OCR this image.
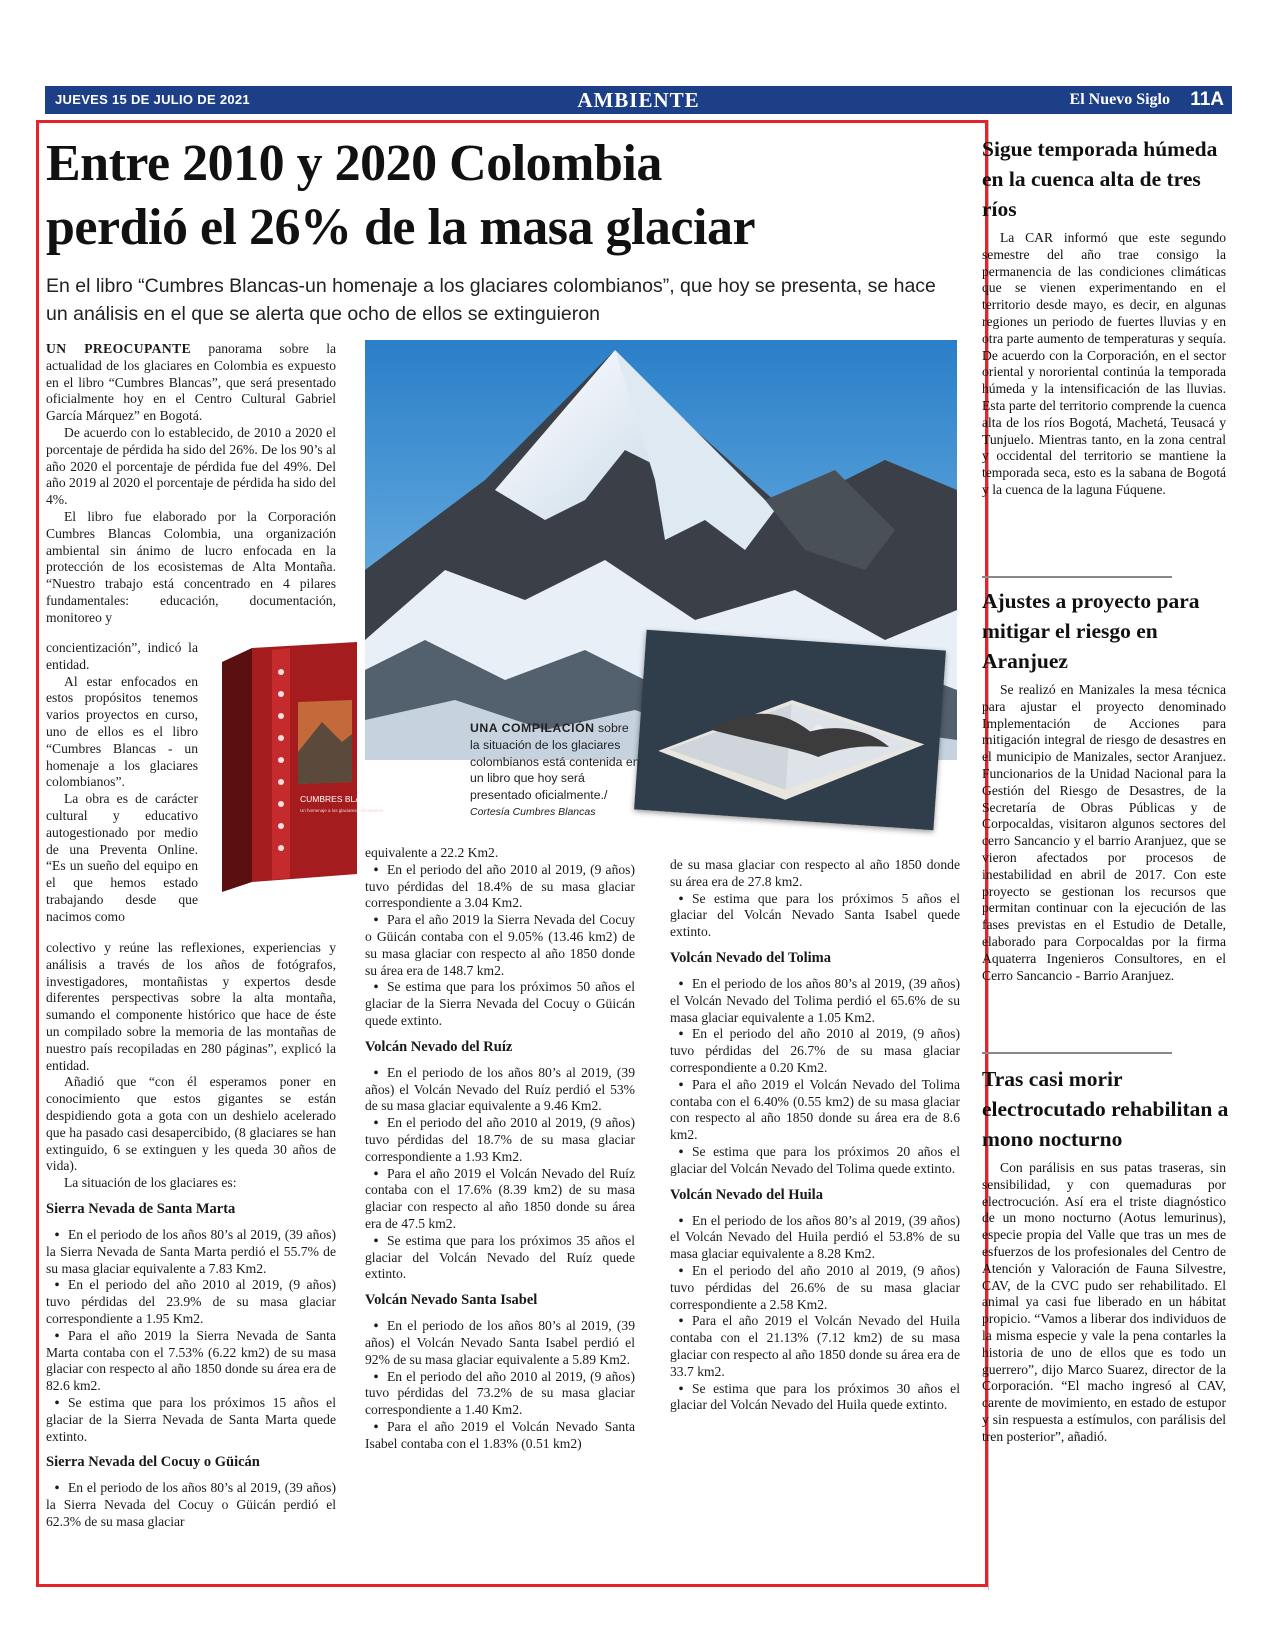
JUEVES 15 DE JULIO DE 2021	AMBIENTE	El Nuevo Siglo 11A
Entre 2010 y 2020 Colombia
perdió el 26% de la masa glaciar

En el libro “Cumbres Blancas-un homenaje a los glaciares colombianos”, que hoy se presenta, se hace un análisis en el que se alerta que ocho de ellos se extinguieron

CUMBRES BLANCAS
Un homenaje a los glaciares colombianos

UNA COMPILACIÓN sobre la situación de los glaciares colombianos está contenida en un libro que hoy será presentado oficialmente./
Cortesía Cumbres Blancas

UN PREOCUPANTE panorama sobre la actualidad de los glaciares en Colombia es expuesto en el libro “Cumbres Blancas”, que será presentado oficialmente hoy en el Centro Cultural Gabriel García Márquez” en Bogotá.

De acuerdo con lo establecido, de 2010 a 2020 el porcentaje de pérdida ha sido del 26%. De los 90’s al año 2020 el porcentaje de pérdida fue del 49%. Del año 2019 al 2020 el porcentaje de pérdida ha sido del 4%.

El libro fue elaborado por la Corporación Cumbres Blancas Colombia, una organización ambiental sin ánimo de lucro enfocada en la protección de los ecosistemas de Alta Montaña. “Nuestro trabajo está concentrado en 4 pilares fundamentales: educación, documentación, monitoreo y

concientización”, indicó la entidad.

Al estar enfocados en estos propósitos tenemos varios proyectos en curso, uno de ellos es el libro “Cumbres Blancas - un homenaje a los glaciares colombianos”.

La obra es de carácter cultural y educativo autogestionado por medio de una Preventa Online. “Es un sueño del equipo en el que hemos estado trabajando desde que nacimos como

colectivo y reúne las reflexiones, experiencias y análisis a través de los años de fotógrafos, investigadores, montañistas y expertos desde diferentes perspectivas sobre la alta montaña, sumando el componente histórico que hace de éste un compilado sobre la memoria de las montañas de nuestro país recopiladas en 280 páginas”, explicó la entidad.

Añadió que “con él esperamos poner en conocimiento que estos gigantes se están despidiendo gota a gota con un deshielo acelerado que ha pasado casi desapercibido, (8 glaciares se han extinguido, 6 se extinguen y les queda 30 años de vida).

La situación de los glaciares es:

Sierra Nevada de Santa Marta

• En el periodo de los años 80’s al 2019, (39 años) la Sierra Nevada de Santa Marta perdió el 55.7% de su masa glaciar equivalente a 7.83 Km2.

• En el periodo del año 2010 al 2019, (9 años) tuvo pérdidas del 23.9% de su masa glaciar correspondiente a 1.95 Km2.

• Para el año 2019 la Sierra Nevada de Santa Marta contaba con el 7.53% (6.22 km2) de su masa glaciar con respecto al año 1850 donde su área era de 82.6 km2.

• Se estima que para los próximos 15 años el glaciar de la Sierra Nevada de Santa Marta quede extinto.

Sierra Nevada del Cocuy o Güicán

• En el periodo de los años 80’s al 2019, (39 años) la Sierra Nevada del Cocuy o Güicán perdió el 62.3% de su masa glaciar

equivalente a 22.2 Km2.

• En el periodo del año 2010 al 2019, (9 años) tuvo pérdidas del 18.4% de su masa glaciar correspondiente a 3.04 Km2.

• Para el año 2019 la Sierra Nevada del Cocuy o Güicán contaba con el 9.05% (13.46 km2) de su masa glaciar con respecto al año 1850 donde su área era de 148.7 km2.

• Se estima que para los próximos 50 años el glaciar de la Sierra Nevada del Cocuy o Güicán quede extinto.

Volcán Nevado del Ruíz

• En el periodo de los años 80’s al 2019, (39 años) el Volcán Nevado del Ruíz perdió el 53% de su masa glaciar equivalente a 9.46 Km2.

• En el periodo del año 2010 al 2019, (9 años) tuvo pérdidas del 18.7% de su masa glaciar correspondiente a 1.93 Km2.

• Para el año 2019 el Volcán Nevado del Ruíz contaba con el 17.6% (8.39 km2) de su masa glaciar con respecto al año 1850 donde su área era de 47.5 km2.

• Se estima que para los próximos 35 años el glaciar del Volcán Nevado del Ruíz quede extinto.

Volcán Nevado Santa Isabel

• En el periodo de los años 80’s al 2019, (39 años) el Volcán Nevado Santa Isabel perdió el 92% de su masa glaciar equivalente a 5.89 Km2.

• En el periodo del año 2010 al 2019, (9 años) tuvo pérdidas del 73.2% de su masa glaciar correspondiente a 1.40 Km2.

• Para el año 2019 el Volcán Nevado Santa Isabel contaba con el 1.83% (0.51 km2)

de su masa glaciar con respecto al año 1850 donde su área era de 27.8 km2.

• Se estima que para los próximos 5 años el glaciar del Volcán Nevado Santa Isabel quede extinto.

Volcán Nevado del Tolima

• En el periodo de los años 80’s al 2019, (39 años) el Volcán Nevado del Tolima perdió el 65.6% de su masa glaciar equivalente a 1.05 Km2.

• En el periodo del año 2010 al 2019, (9 años) tuvo pérdidas del 26.7% de su masa glaciar correspondiente a 0.20 Km2.

• Para el año 2019 el Volcán Nevado del Tolima contaba con el 6.40% (0.55 km2) de su masa glaciar con respecto al año 1850 donde su área era de 8.6 km2.

• Se estima que para los próximos 20 años el glaciar del Volcán Nevado del Tolima quede extinto.

Volcán Nevado del Huila

• En el periodo de los años 80’s al 2019, (39 años) el Volcán Nevado del Huila perdió el 53.8% de su masa glaciar equivalente a 8.28 Km2.

• En el periodo del año 2010 al 2019, (9 años) tuvo pérdidas del 26.6% de su masa glaciar correspondiente a 2.58 Km2.

• Para el año 2019 el Volcán Nevado del Huila contaba con el 21.13% (7.12 km2) de su masa glaciar con respecto al año 1850 donde su área era de 33.7 km2.

• Se estima que para los próximos 30 años el glaciar del Volcán Nevado del Huila quede extinto.

Sigue temporada húmeda en la cuenca alta de tres ríos

La CAR informó que este segundo semestre del año trae consigo la permanencia de las condiciones climáticas que se vienen experimentando en el territorio desde mayo, es decir, en algunas regiones un periodo de fuertes lluvias y en otra parte aumento de temperaturas y sequía. De acuerdo con la Corporación, en el sector oriental y nororiental continúa la temporada húmeda y la intensificación de las lluvias. Esta parte del territorio comprende la cuenca alta de los ríos Bogotá, Machetá, Teusacá y Tunjuelo. Mientras tanto, en la zona central y occidental del territorio se mantiene la temporada seca, esto es la sabana de Bogotá y la cuenca de la laguna Fúquene.

Ajustes a proyecto para mitigar el riesgo en Aranjuez

Se realizó en Manizales la mesa técnica para ajustar el proyecto denominado Implementación de Acciones para mitigación integral de riesgo de desastres en el municipio de Manizales, sector Aranjuez. Funcionarios de la Unidad Nacional para la Gestión del Riesgo de Desastres, de la Secretaría de Obras Públicas y de Corpocaldas, visitaron algunos sectores del cerro Sancancio y el barrio Aranjuez, que se vieron afectados por procesos de inestabilidad en abril de 2017. Con este proyecto se gestionan los recursos que permitan continuar con la ejecución de las fases previstas en el Estudio de Detalle, elaborado para Corpocaldas por la firma Aquaterra Ingenieros Consultores, en el Cerro Sancancio - Barrio Aranjuez.

Tras casi morir electrocutado rehabilitan a mono nocturno

Con parálisis en sus patas traseras, sin sensibilidad, y con quemaduras por electrocución. Así era el triste diagnóstico de un mono nocturno (Aotus lemurinus), especie propia del Valle que tras un mes de esfuerzos de los profesionales del Centro de Atención y Valoración de Fauna Silvestre, CAV, de la CVC pudo ser rehabilitado. El animal ya casi fue liberado en un hábitat propicio. “Vamos a liberar dos individuos de la misma especie y vale la pena contarles la historia de uno de ellos que es todo un guerrero”, dijo Marco Suarez, director de la Corporación. “El macho ingresó al CAV, carente de movimiento, en estado de estupor y sin respuesta a estímulos, con parálisis del tren posterior”, añadió.
